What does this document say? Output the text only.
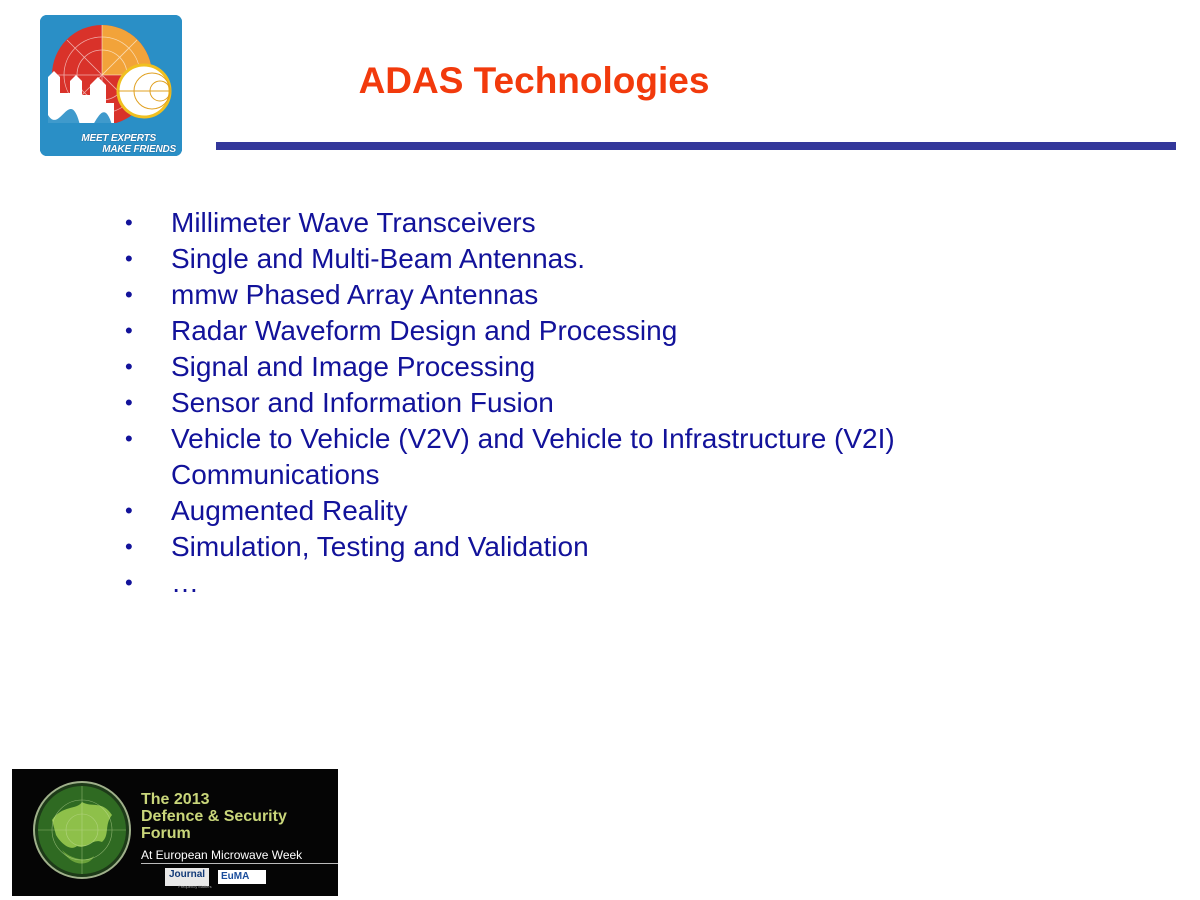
MEET EXPERTS
MAKE FRIENDS
ADAS Technologies
•	Millimeter Wave Transceivers
•	Single and Multi-Beam Antennas.
•	mmw Phased Array Antennas
•	Radar Waveform Design and Processing
•	Signal and Image Processing
•	Sensor and Information Fusion
•	Vehicle to Vehicle (V2V) and Vehicle to Infrastructure (V2I) Communications
•	Augmented Reality
•	Simulation, Testing and Validation
•	…
The 2013
Defence & Security
Forum
At European Microwave Week
Journal
Frequency Matters
EuMA
